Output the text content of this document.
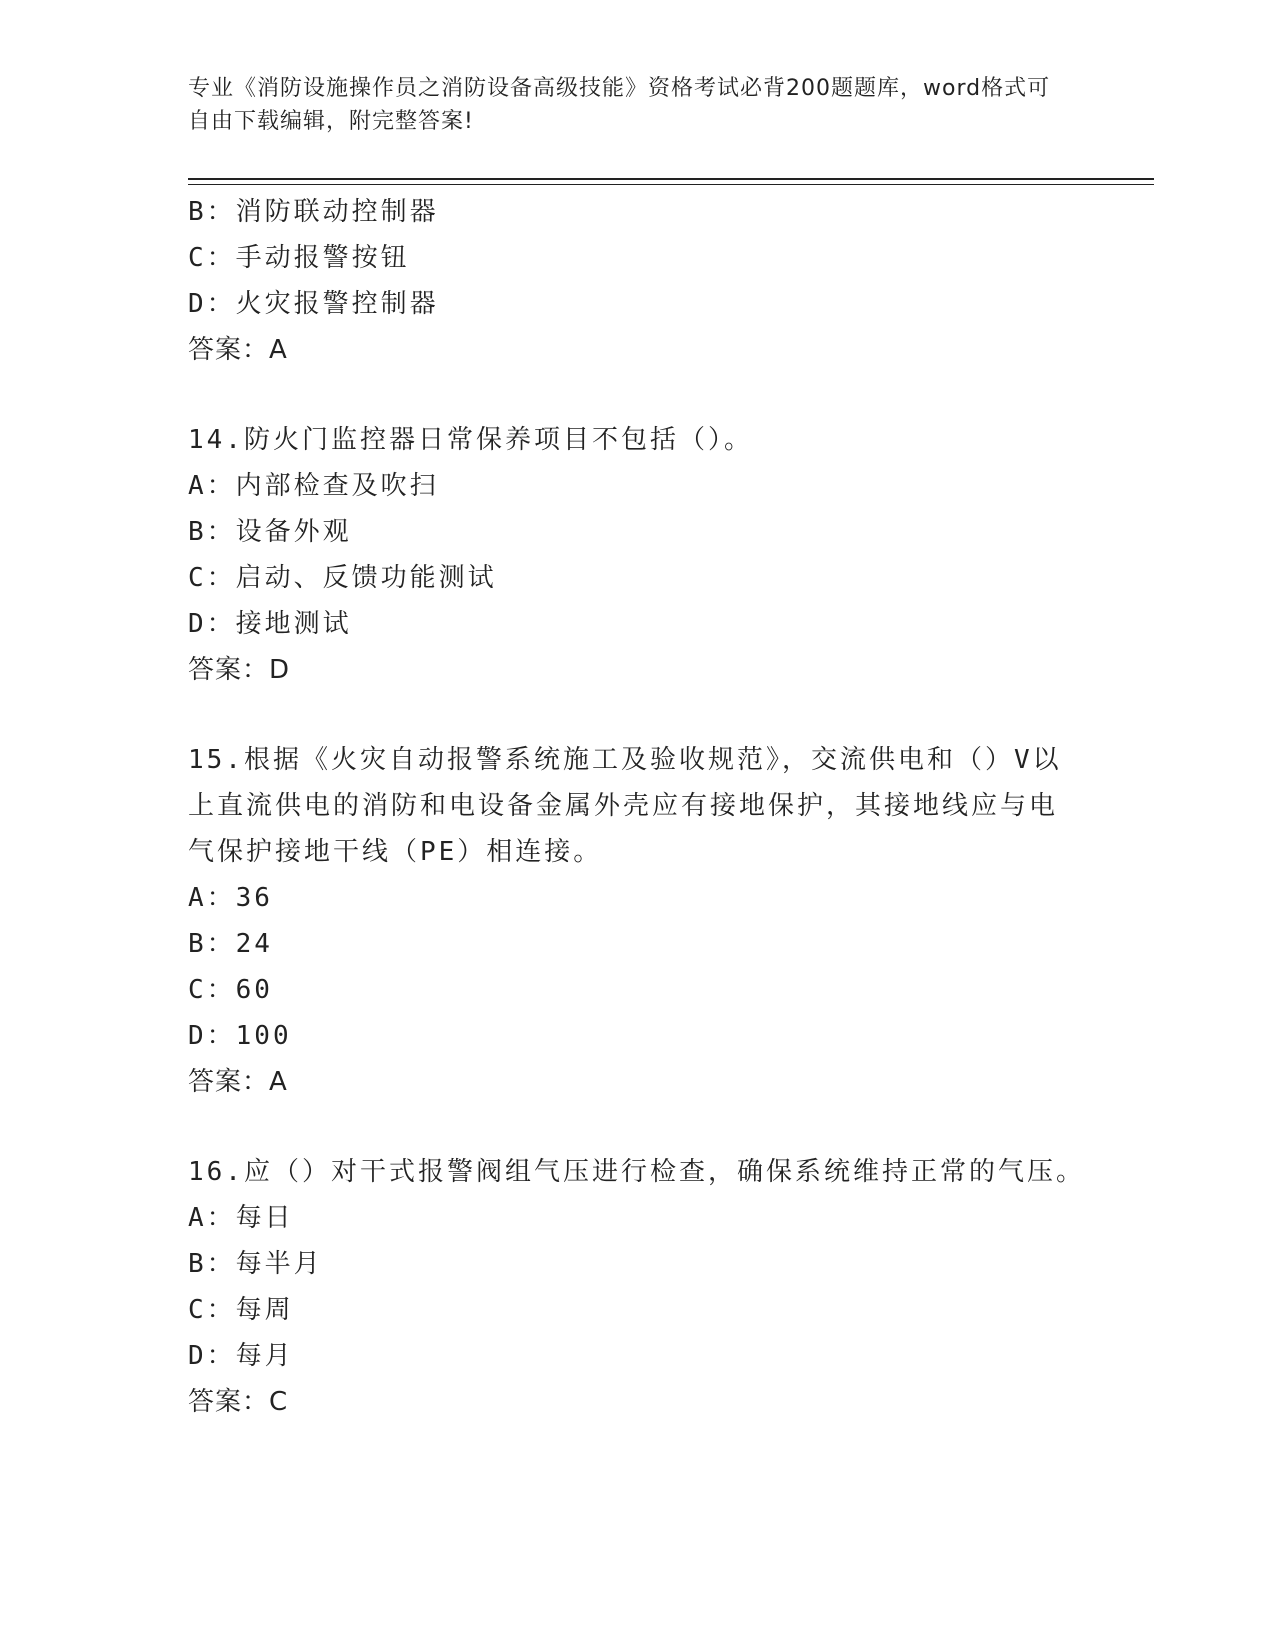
专业《消防设施操作员之消防设备高级技能》资格考试必背200题题库，word格式可自由下载编辑，附完整答案!
B：消防联动控制器
C：手动报警按钮
D：火灾报警控制器
答案：A
14.防火门监控器日常保养项目不包括（）。
A：内部检查及吹扫
B：设备外观
C：启动、反馈功能测试
D：接地测试
答案：D
15.根据《火灾自动报警系统施工及验收规范》，交流供电和（）V以
上直流供电的消防和电设备金属外壳应有接地保护，其接地线应与电
气保护接地干线（PE）相连接。
A：36
B：24
C：60
D：100
答案：A
16.应（）对干式报警阀组气压进行检查，确保系统维持正常的气压。
A：每日
B：每半月
C：每周
D：每月
答案：C
